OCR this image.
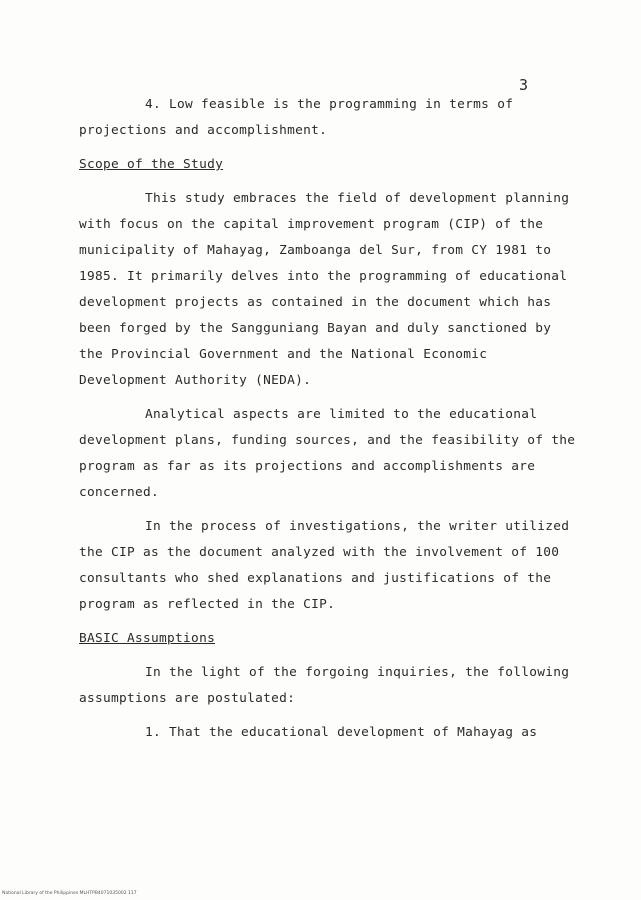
3

4. Low feasible is the programming in terms of projections and accomplishment.

Scope of the Study

This study embraces the field of development planning with focus on the capital improvement program (CIP) of the municipality of Mahayag, Zamboanga del Sur, from CY 1981 to 1985. It primarily delves into the programming of educational development projects as contained in the document which has been forged by the Sangguniang Bayan and duly sanctioned by the Provincial Government and the National Economic Development Authority (NEDA).

Analytical aspects are limited to the educational development plans, funding sources, and the feasibility of the program as far as its projections and accomplishments are concerned.

In the process of investigations, the writer utilized the CIP as the document analyzed with the involvement of 100 consultants who shed explanations and justifications of the program as reflected in the CIP.

BASIC Assumptions

In the light of the forgoing inquiries, the following assumptions are postulated:

1. That the educational development of Mahayag as

National Library of the Philippines MLHTPB4071035002 117
